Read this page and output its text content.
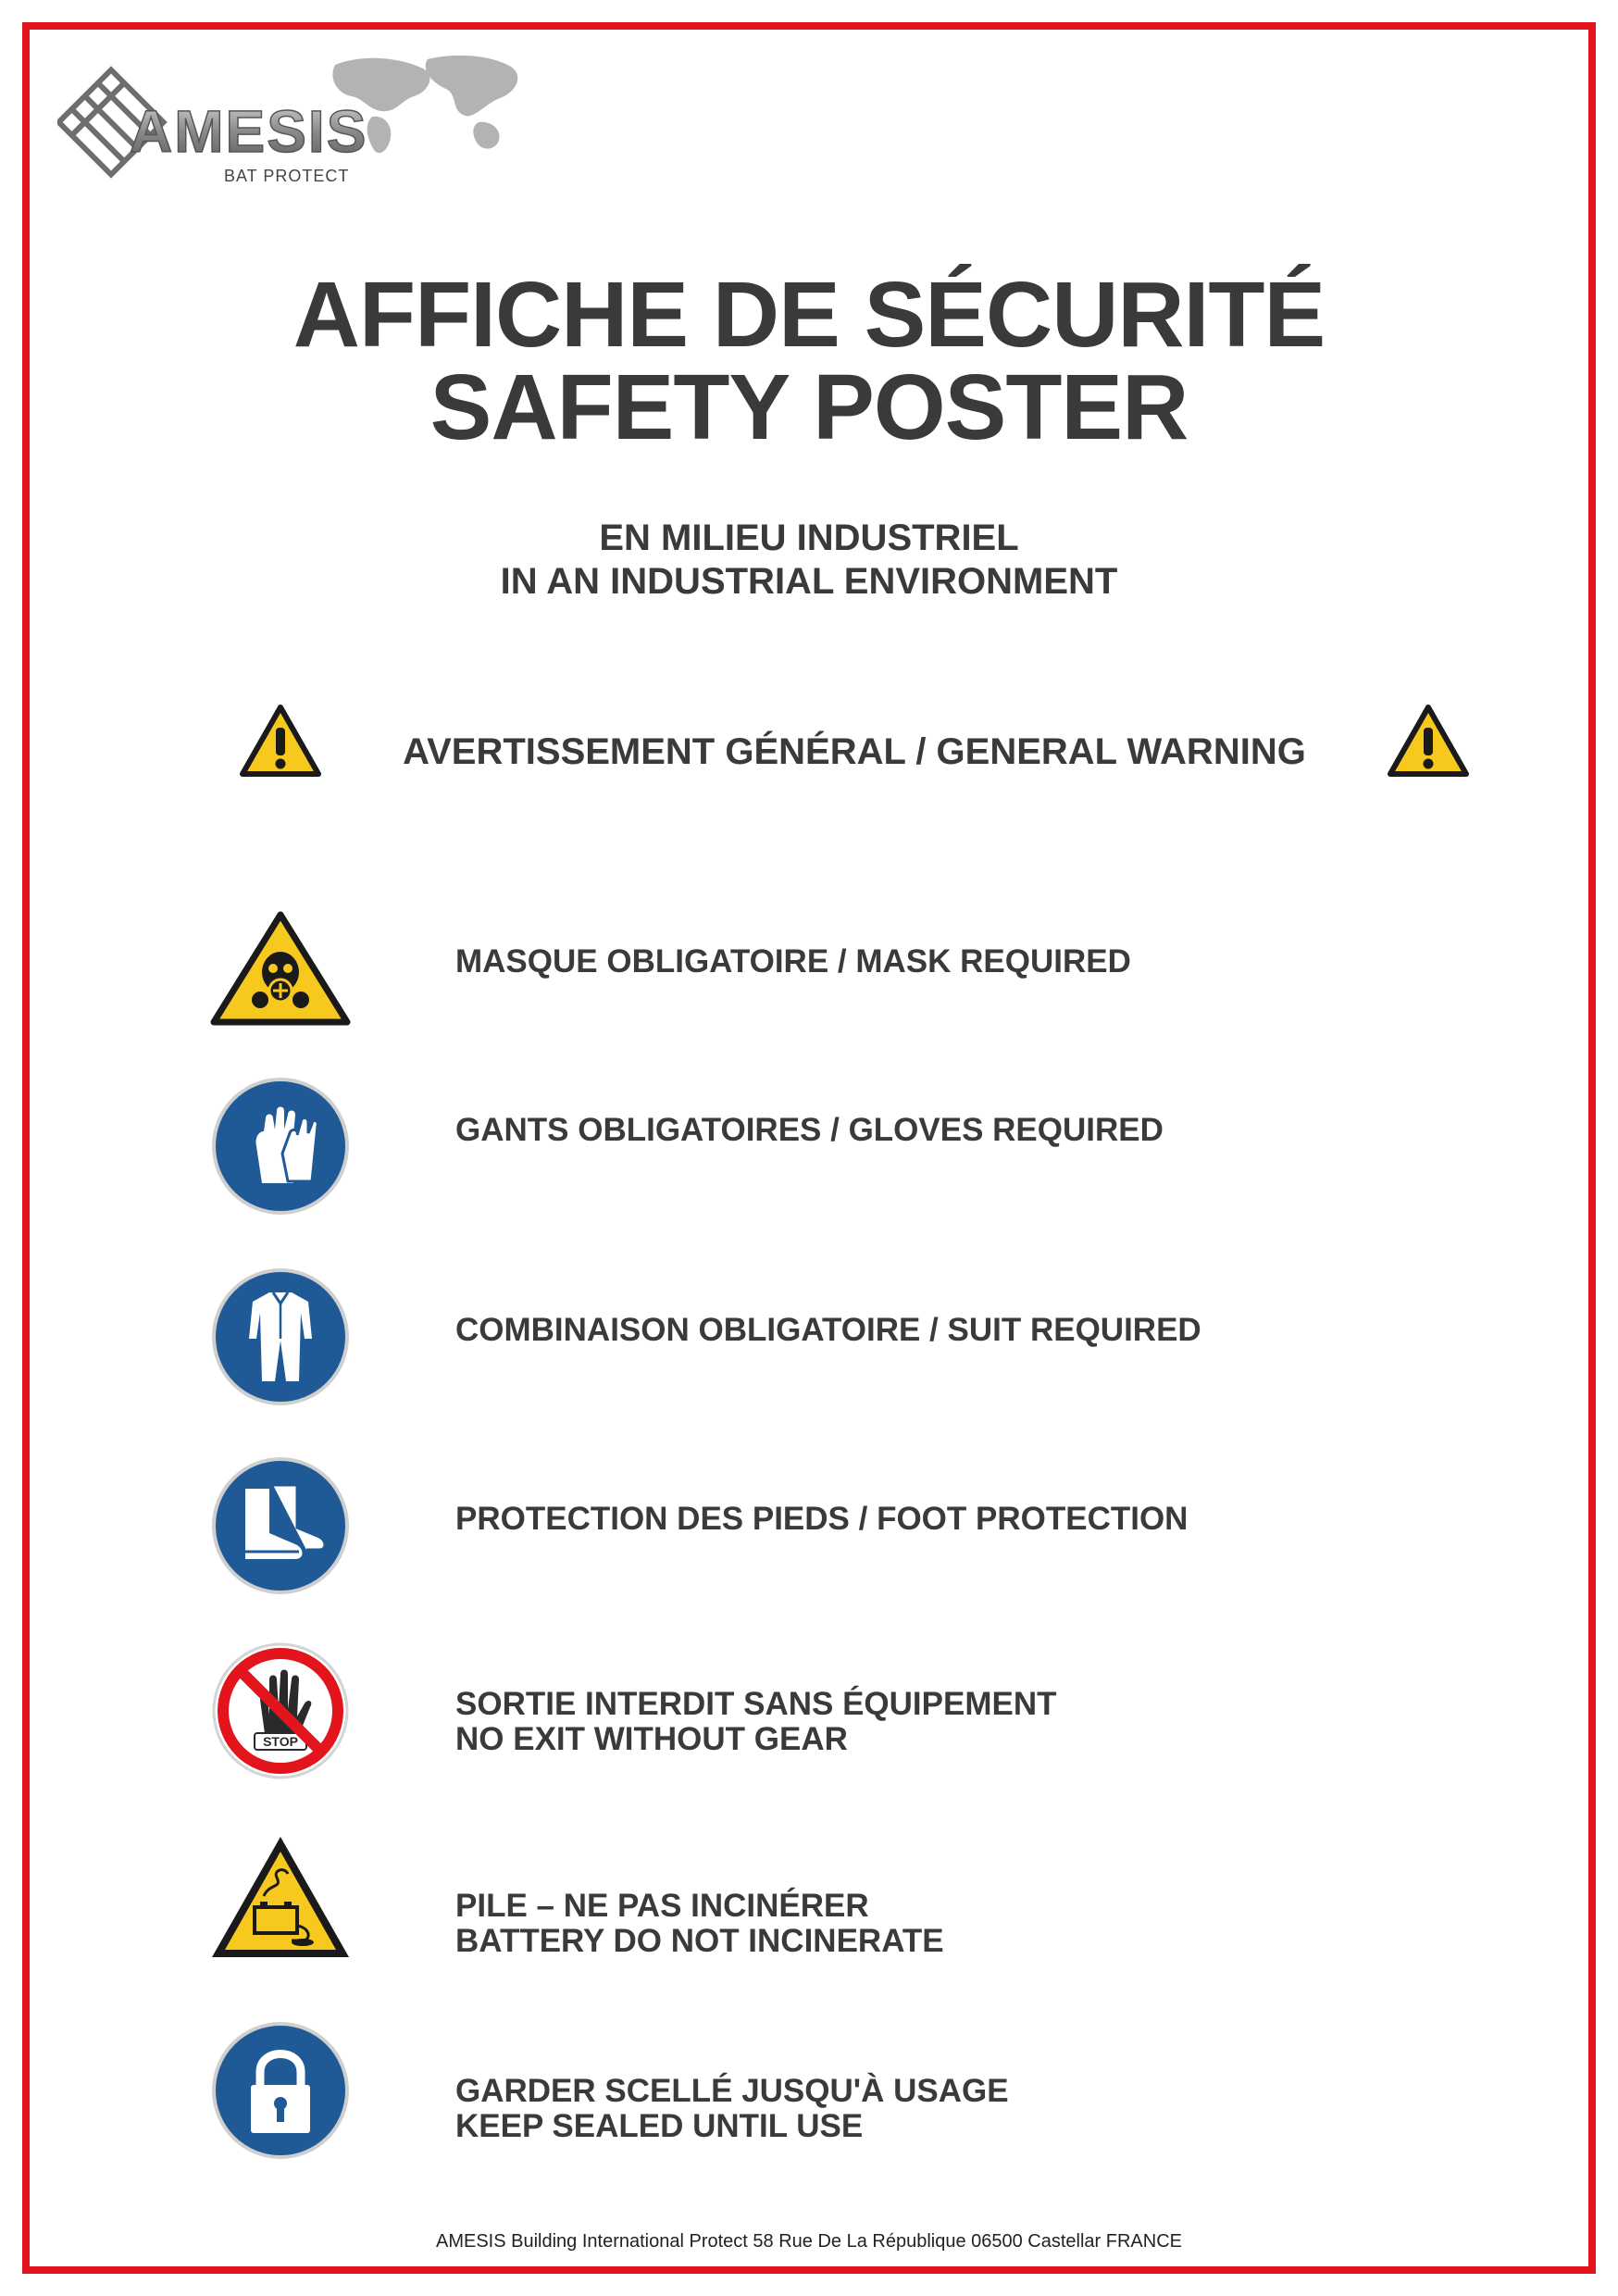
AMESIS
BAT PROTECT
AFFICHE DE SÉCURITÉ
SAFETY POSTER
EN MILIEU INDUSTRIEL
IN AN INDUSTRIAL ENVIRONMENT
AVERTISSEMENT GÉNÉRAL / GENERAL WARNING
MASQUE OBLIGATOIRE / MASK REQUIRED
GANTS OBLIGATOIRES / GLOVES REQUIRED
COMBINAISON OBLIGATOIRE / SUIT REQUIRED
PROTECTION DES PIEDS / FOOT PROTECTION
STOP
SORTIE INTERDIT SANS ÉQUIPEMENT
NO EXIT WITHOUT GEAR
PILE – NE PAS INCINÉRER
BATTERY DO NOT INCINERATE
GARDER SCELLÉ JUSQU'À USAGE
KEEP SEALED UNTIL USE
AMESIS Building International Protect 58 Rue De La République 06500 Castellar FRANCE
